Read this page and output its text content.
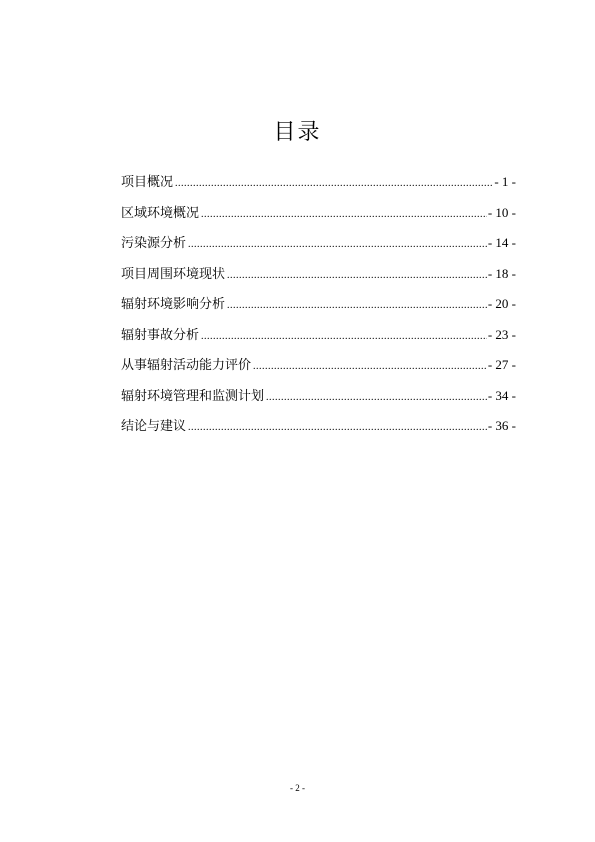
目录
项目概况 .....	- 1 -
区域环境概况 .....	- 10 -
污染源分析 .....	- 14 -
项目周围环境现状 .....	- 18 -
辐射环境影响分析 .....	- 20 -
辐射事故分析 .....	- 23 -
从事辐射活动能力评价 .....	- 27 -
辐射环境管理和监测计划 .....	- 34 -
结论与建议 .....	- 36 -
- 2 -
